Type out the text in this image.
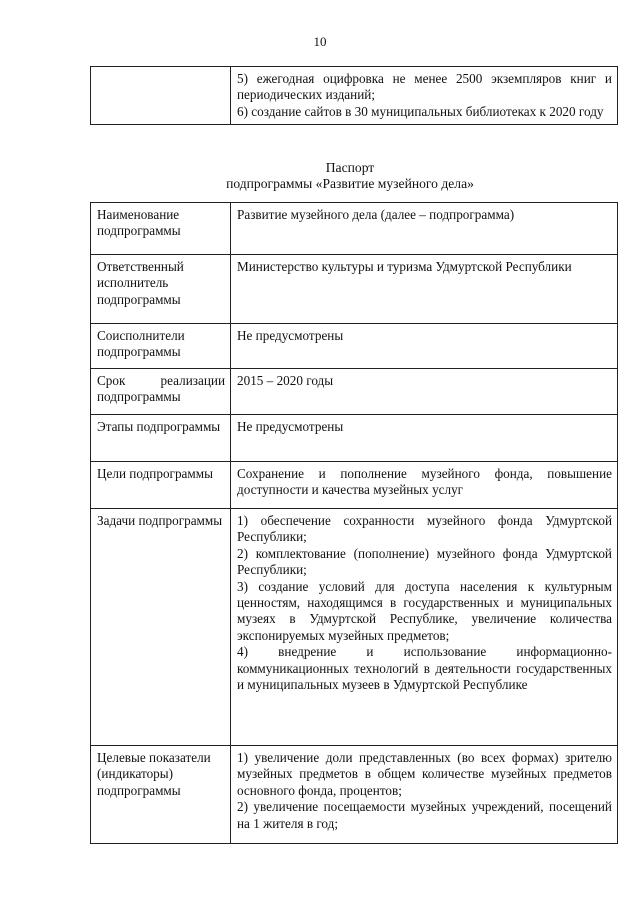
10

5) ежегодная оцифровка не менее 2500 экземпляров книг и периодических изданий;
6) создание сайтов в 30 муниципальных библиотеках к 2020 году
Паспорт
подпрограммы «Развитие музейного дела»
Наименование подпрограммы	Развитие музейного дела (далее – подпрограмма)
Ответственный исполнитель подпрограммы	Министерство культуры и туризма Удмуртской Республики
Соисполнители подпрограммы	Не предусмотрены
Срок реализации подпрограммы	2015 – 2020 годы
Этапы подпрограммы	Не предусмотрены
Цели подпрограммы	Сохранение и пополнение музейного фонда, повышение доступности и качества музейных услуг
Задачи подпрограммы	1) обеспечение сохранности музейного фонда Удмуртской Республики;
2) комплектование (пополнение) музейного фонда Удмуртской Республики;
3) создание условий для доступа населения к культурным ценностям, находящимся в государственных и муниципальных музеях в Удмуртской Республике, увеличение количества экспонируемых музейных предметов;
4) внедрение и использование информационно-коммуникационных технологий в деятельности государственных и муниципальных музеев в Удмуртской Республике

Целевые показатели (индикаторы) подпрограммы	1) увеличение доли представленных (во всех формах) зрителю музейных предметов в общем количестве музейных предметов основного фонда, процентов;
2) увеличение посещаемости музейных учреждений, посещений на 1 жителя в год;
